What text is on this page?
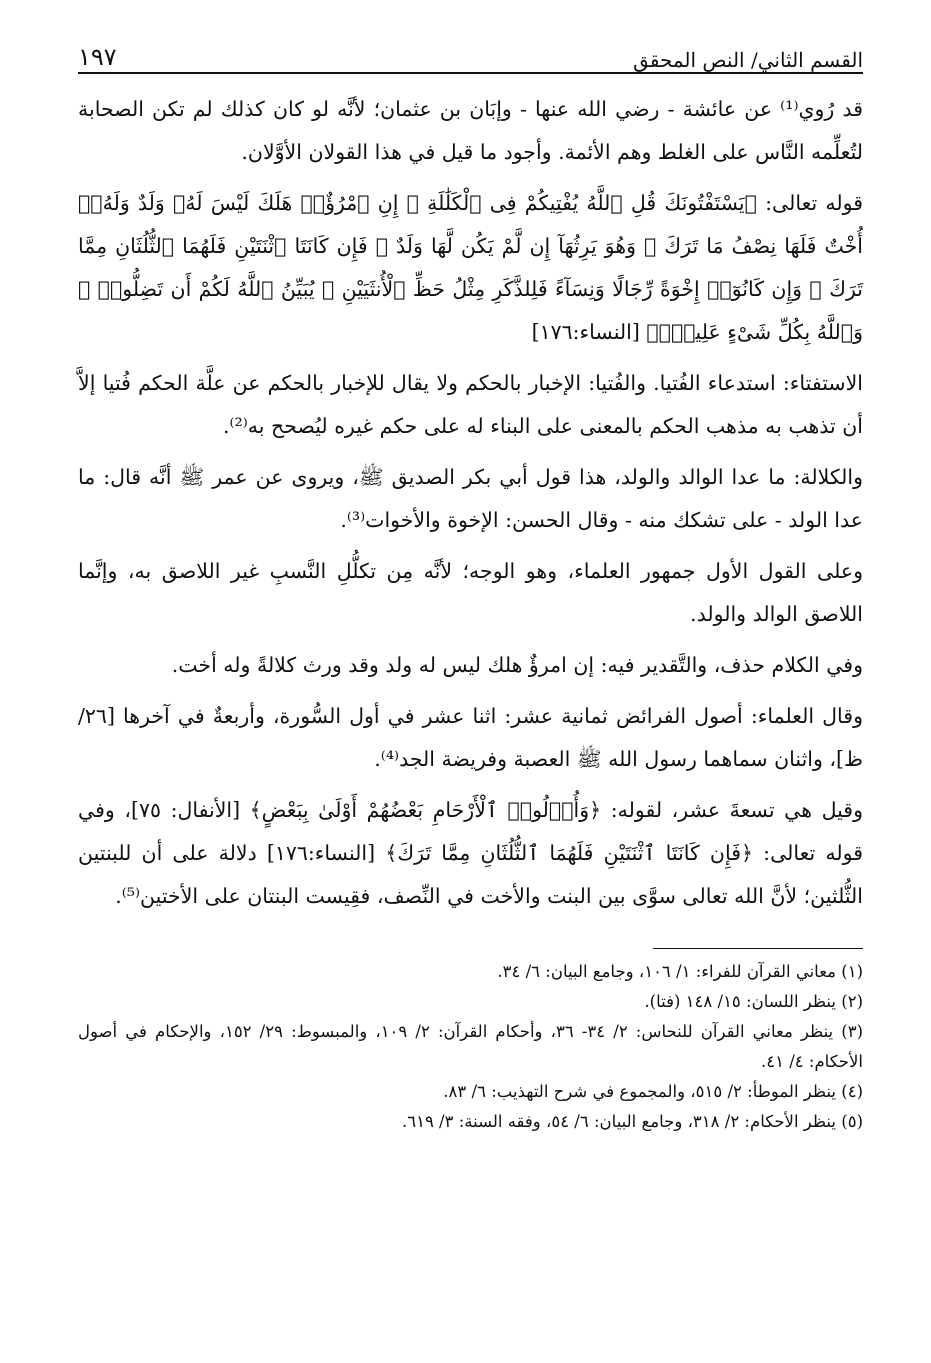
القسم الثاني/ النص المحقق
١٩٧

قد رُوي⁽¹⁾ عن عائشة - رضي الله عنها - وإبَان بن عثمان؛ لأنَّه لو كان كذلك لم تكن الصحابة لتُعلِّمه النَّاس على الغلط وهم الأئمة. وأجود ما قيل في هذا القولان الأوَّلان.

قوله تعالى: ﴿يَسْتَفْتُونَكَ قُلِ ٱللَّهُ يُفْتِيكُمْ فِى ٱلْكَلَٰلَةِ ۚ إِنِ ٱمْرُؤٌا۟ هَلَكَ لَيْسَ لَهُۥ وَلَدٌ وَلَهُۥٓ أُخْتٌ فَلَهَا نِصْفُ مَا تَرَكَ ۚ وَهُوَ يَرِثُهَآ إِن لَّمْ يَكُن لَّهَا وَلَدٌ ۚ فَإِن كَانَتَا ٱثْنَتَيْنِ فَلَهُمَا ٱلثُّلُثَانِ مِمَّا تَرَكَ ۚ وَإِن كَانُوٓا۟ إِخْوَةً رِّجَالًا وَنِسَآءً فَلِلذَّكَرِ مِثْلُ حَظِّ ٱلْأُنثَيَيْنِ ۗ يُبَيِّنُ ٱللَّهُ لَكُمْ أَن تَضِلُّوا۟ ۗ وَٱللَّهُ بِكُلِّ شَىْءٍ عَلِيمٌۢ﴾ [النساء:١٧٦]

الاستفتاء: استدعاء الفُتيا. والفُتيا: الإخبار بالحكم ولا يقال للإخبار بالحكم عن علَّة الحكم فُتيا إلاَّ أن تذهب به مذهب الحكم بالمعنى على البناء له على حكم غيره ليُصحح به⁽²⁾.

والكلالة: ما عدا الوالد والولد، هذا قول أبي بكر الصديق ﷺ، ويروى عن عمر ﷺ أنَّه قال: ما عدا الولد - على تشكك منه - وقال الحسن: الإخوة والأخوات⁽³⁾.

وعلى القول الأول جمهور العلماء، وهو الوجه؛ لأنَّه مِن تكلُّلِ النَّسبِ غير اللاصق به، وإنَّما اللاصق الوالد والولد.

وفي الكلام حذف، والتَّقدير فيه: إن امرؤٌ هلك ليس له ولد وقد ورث كلالةً وله أخت.

وقال العلماء: أصول الفرائض ثمانية عشر: اثنا عشر في أول السُّورة، وأربعةٌ في آخرها [٢٦/ظ]، واثنان سماهما رسول الله ﷺ العصبة وفريضة الجد⁽⁴⁾.

وقيل هي تسعةَ عشر، لقوله: ﴿وَأُو۟لُوا۟ ٱلْأَرْحَامِ بَعْضُهُمْ أَوْلَىٰ بِبَعْضٍ﴾ [الأنفال: ٧٥]، وفي قوله تعالى: ﴿فَإِن كَانَتَا ٱثْنَتَيْنِ فَلَهُمَا ٱلثُّلُثَانِ مِمَّا تَرَكَ﴾ [النساء:١٧٦] دلالة على أن للبنتين الثُّلثين؛ لأنَّ الله تعالى سوَّى بين البنت والأخت في النِّصف، فقِيست البنتان على الأختين⁽⁵⁾.

(١) معاني القرآن للفراء: ١/ ١٠٦، وجامع البيان: ٦/ ٣٤.

(٢) ينظر اللسان: ١٥/ ١٤٨ (فتا).

(٣) ينظر معاني القرآن للنحاس: ٢/ ٣٤- ٣٦، وأحكام القرآن: ٢/ ١٠٩، والمبسوط: ٢٩/ ١٥٢، والإحكام في أصول الأحكام: ٤/ ٤١.

(٤) ينظر الموطأ: ٢/ ٥١٥، والمجموع في شرح التهذيب: ٦/ ٨٣.

(٥) ينظر الأحكام: ٢/ ٣١٨، وجامع البيان: ٦/ ٥٤، وفقه السنة: ٣/ ٦١٩.
